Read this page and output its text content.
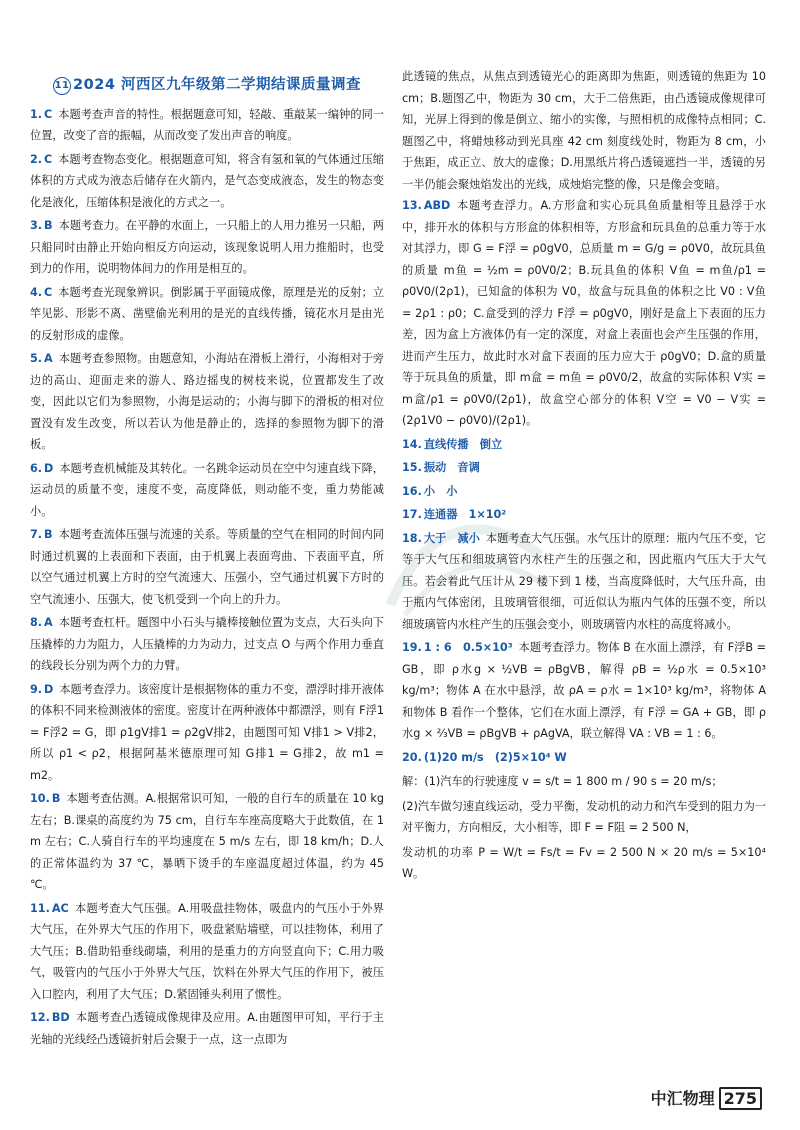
11 2024 河西区九年级第二学期结课质量调查
1. C 本题考查声音的特性。根据题意可知，轻敲、重敲某一编钟的同一位置，改变了音的振幅，从而改变了发出声音的响度。
2. C 本题考查物态变化。根据题意可知，将含有氢和氧的气体通过压缩体积的方式成为液态后储存在火箭内，是气态变成液态，发生的物态变化是液化，压缩体积是液化的方式之一。
3. B 本题考查力。在平静的水面上，一只船上的人用力推另一只船，两只船同时由静止开始向相反方向运动，该现象说明人用力推船时，也受到力的作用，说明物体间力的作用是相互的。
4. C 本题考查光现象辨识。倒影属于平面镜成像，原理是光的反射；立竿见影、形影不离、凿壁偷光利用的是光的直线传播，镜花水月是由光的反射形成的虚像。
5. A 本题考查参照物。由题意知，小海站在滑板上滑行，小海相对于旁边的高山、迎面走来的游人、路边摇曳的树枝来说，位置都发生了改变，因此以它们为参照物，小海是运动的；小海与脚下的滑板的相对位置没有发生改变，所以若认为他是静止的，选择的参照物为脚下的滑板。
6. D 本题考查机械能及其转化。一名跳伞运动员在空中匀速直线下降，运动员的质量不变，速度不变，高度降低，则动能不变，重力势能减小。
7. B 本题考查流体压强与流速的关系。等质量的空气在相同的时间内同时通过机翼的上表面和下表面，由于机翼上表面弯曲、下表面平直，所以空气通过机翼上方时的空气流速大、压强小，空气通过机翼下方时的空气流速小、压强大，使飞机受到一个向上的升力。
8. A 本题考查杠杆。题图中小石头与撬棒接触位置为支点，大石头向下压撬棒的力为阻力，人压撬棒的力为动力，过支点 O 与两个作用力垂直的线段长分别为两个力的力臂。
9. D 本题考查浮力。该密度计是根据物体的重力不变，漂浮时排开液体的体积不同来检测液体的密度。密度计在两种液体中都漂浮，则有 F浮1 = F浮2 = G，即 ρ1gV排1 = ρ2gV排2，由题图可知 V排1 > V排2，所以 ρ1 < ρ2，根据阿基米德原理可知 G排1 = G排2，故 m1 = m2。
10. B 本题考查估测。A.根据常识可知，一般的自行车的质量在 10 kg 左右；B.课桌的高度约为 75 cm，自行车车座高度略大于此数值，在 1 m 左右；C.人骑自行车的平均速度在 5 m/s 左右，即 18 km/h；D.人的正常体温约为 37 ℃，暴晒下烫手的车座温度超过体温，约为 45 ℃。
11. AC 本题考查大气压强。A.用吸盘挂物体，吸盘内的气压小于外界大气压，在外界大气压的作用下，吸盘紧贴墙壁，可以挂物体，利用了大气压；B.借助铅垂线砌墙，利用的是重力的方向竖直向下；C.用力吸气，吸管内的气压小于外界大气压，饮料在外界大气压的作用下，被压入口腔内，利用了大气压；D.紧固锤头利用了惯性。
12. BD 本题考查凸透镜成像规律及应用。A.由题图甲可知，平行于主光轴的光线经凸透镜折射后会聚于一点，这一点即为
此透镜的焦点，从焦点到透镜光心的距离即为焦距，则透镜的焦距为 10 cm；B.题图乙中，物距为 30 cm，大于二倍焦距，由凸透镜成像规律可知，光屏上得到的像是倒立、缩小的实像，与照相机的成像特点相同；C.题图乙中，将蜡烛移动到光具座 42 cm 刻度线处时，物距为 8 cm，小于焦距，成正立、放大的虚像；D.用黑纸片将凸透镜遮挡一半，透镜的另一半仍能会聚烛焰发出的光线，成烛焰完整的像，只是像会变暗。
13. ABD 本题考查浮力。A.方形盒和实心玩具鱼质量相等且悬浮于水中，排开水的体积与方形盒的体积相等，方形盒和玩具鱼的总重力等于水对其浮力，即 G = F浮 = ρ0gV0，总质量 m = G/g = ρ0V0，故玩具鱼的质量 m鱼 = ½m = ρ0V0/2；B.玩具鱼的体积 V鱼 = m鱼/ρ1 = ρ0V0/(2ρ1)，已知盒的体积为 V0，故盒与玩具鱼的体积之比 V0 : V鱼 = 2ρ1 : ρ0；C.盒受到的浮力 F浮 = ρ0gV0，刚好是盒上下表面的压力差，因为盒上方液体仍有一定的深度，对盒上表面也会产生压强的作用，进而产生压力，故此时水对盒下表面的压力应大于 ρ0gV0；D.盒的质量等于玩具鱼的质量，即 m盒 = m鱼 = ρ0V0/2，故盒的实际体积 V实 = m盒/ρ1 = ρ0V0/(2ρ1)，故盒空心部分的体积 V空 = V0 − V实 = (2ρ1V0 − ρ0V0)/(2ρ1)。
14. 直线传播　倒立
15. 振动　音调
16. 小　小
17. 连通器　1×10²
18. 大于　减小 本题考查大气压强。水气压计的原理：瓶内气压不变，它等于大气压和细玻璃管内水柱产生的压强之和，因此瓶内气压大于大气压。若会着此气压计从 29 楼下到 1 楼，当高度降低时，大气压升高，由于瓶内气体密闭，且玻璃管很细，可近似认为瓶内气体的压强不变，所以细玻璃管内水柱产生的压强会变小，则玻璃管内水柱的高度将减小。
19. 1 : 6　0.5×10³ 本题考查浮力。物体 B 在水面上漂浮，有 F浮B = GB，即 ρ水g × ½VB = ρBgVB，解得 ρB = ½ρ水 = 0.5×10³ kg/m³；物体 A 在水中悬浮，故 ρA = ρ水 = 1×10³ kg/m³，将物体 A 和物体 B 看作一个整体，它们在水面上漂浮，有 F浮 = GA + GB，即 ρ水g × ⅔VB = ρBgVB + ρAgVA，联立解得 VA : VB = 1 : 6。
20. (1)20 m/s　(2)5×10⁴ W
解：(1)汽车的行驶速度 v = s/t = 1 800 m / 90 s = 20 m/s；
(2)汽车做匀速直线运动，受力平衡，发动机的动力和汽车受到的阻力为一对平衡力，方向相反，大小相等，即 F = F阻 = 2 500 N，
发动机的功率 P = W/t = Fs/t = Fv = 2 500 N × 20 m/s = 5×10⁴ W。
中汇物理 275
